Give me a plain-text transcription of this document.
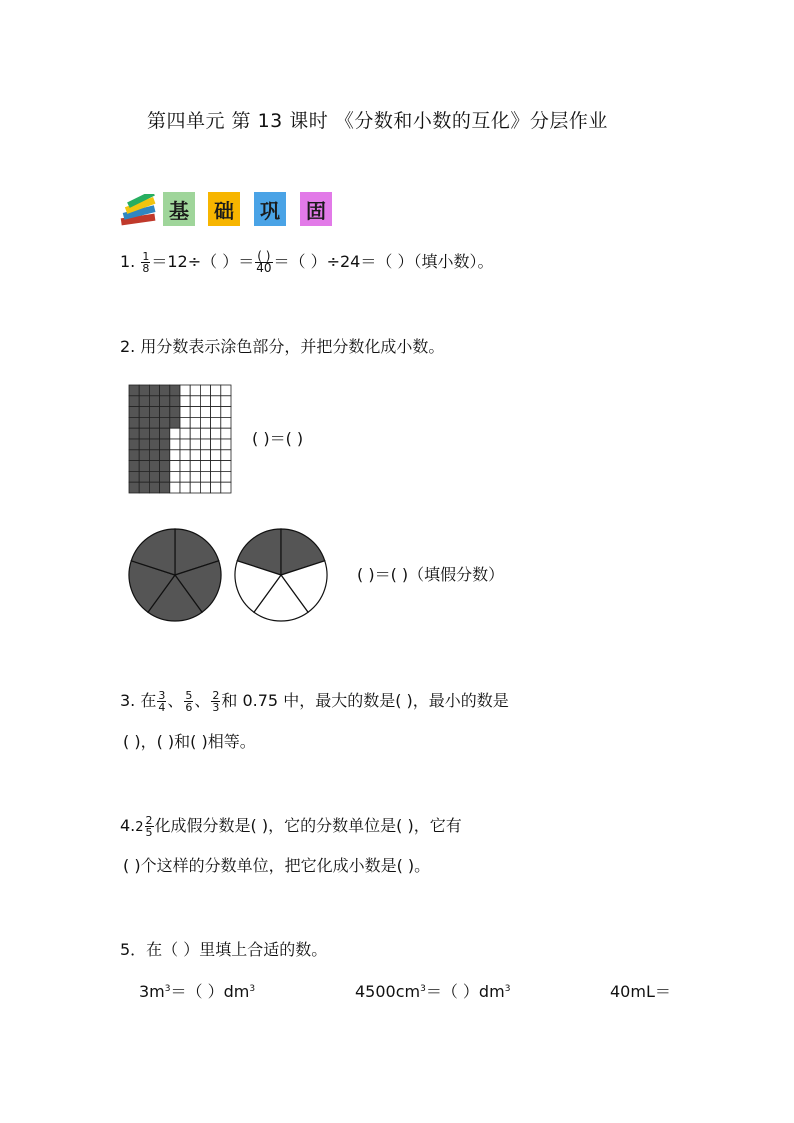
第四单元 第 13 课时 《分数和小数的互化》分层作业
基	础	巩	固
1. $\frac{1}{8} =12\div$（ ）＝ $\frac{( )}{40}$ ＝（ ）÷24＝（ ）（填小数）。
2. 用分数表示涂色部分，并把分数化成小数。
( )＝( )
( )＝( )（填假分数）
3. 在 $\frac{3}{4}$ 、 $\frac{5}{6}$ 、 $\frac{2}{3}$ 和 0.75 中，最大的数是( )，最小的数是
( )，( )和( )相等。
$4.2 \frac{2}{5}$ 化成假分数是( )，它的分数单位是( )，它有
( )个这样的分数单位，把它化成小数是( )。
5．在（ ）里填上合适的数。
$3m^3=$（ ）$dm^3$	$4500cm^3=$（ ）$dm^3$	40mL＝
